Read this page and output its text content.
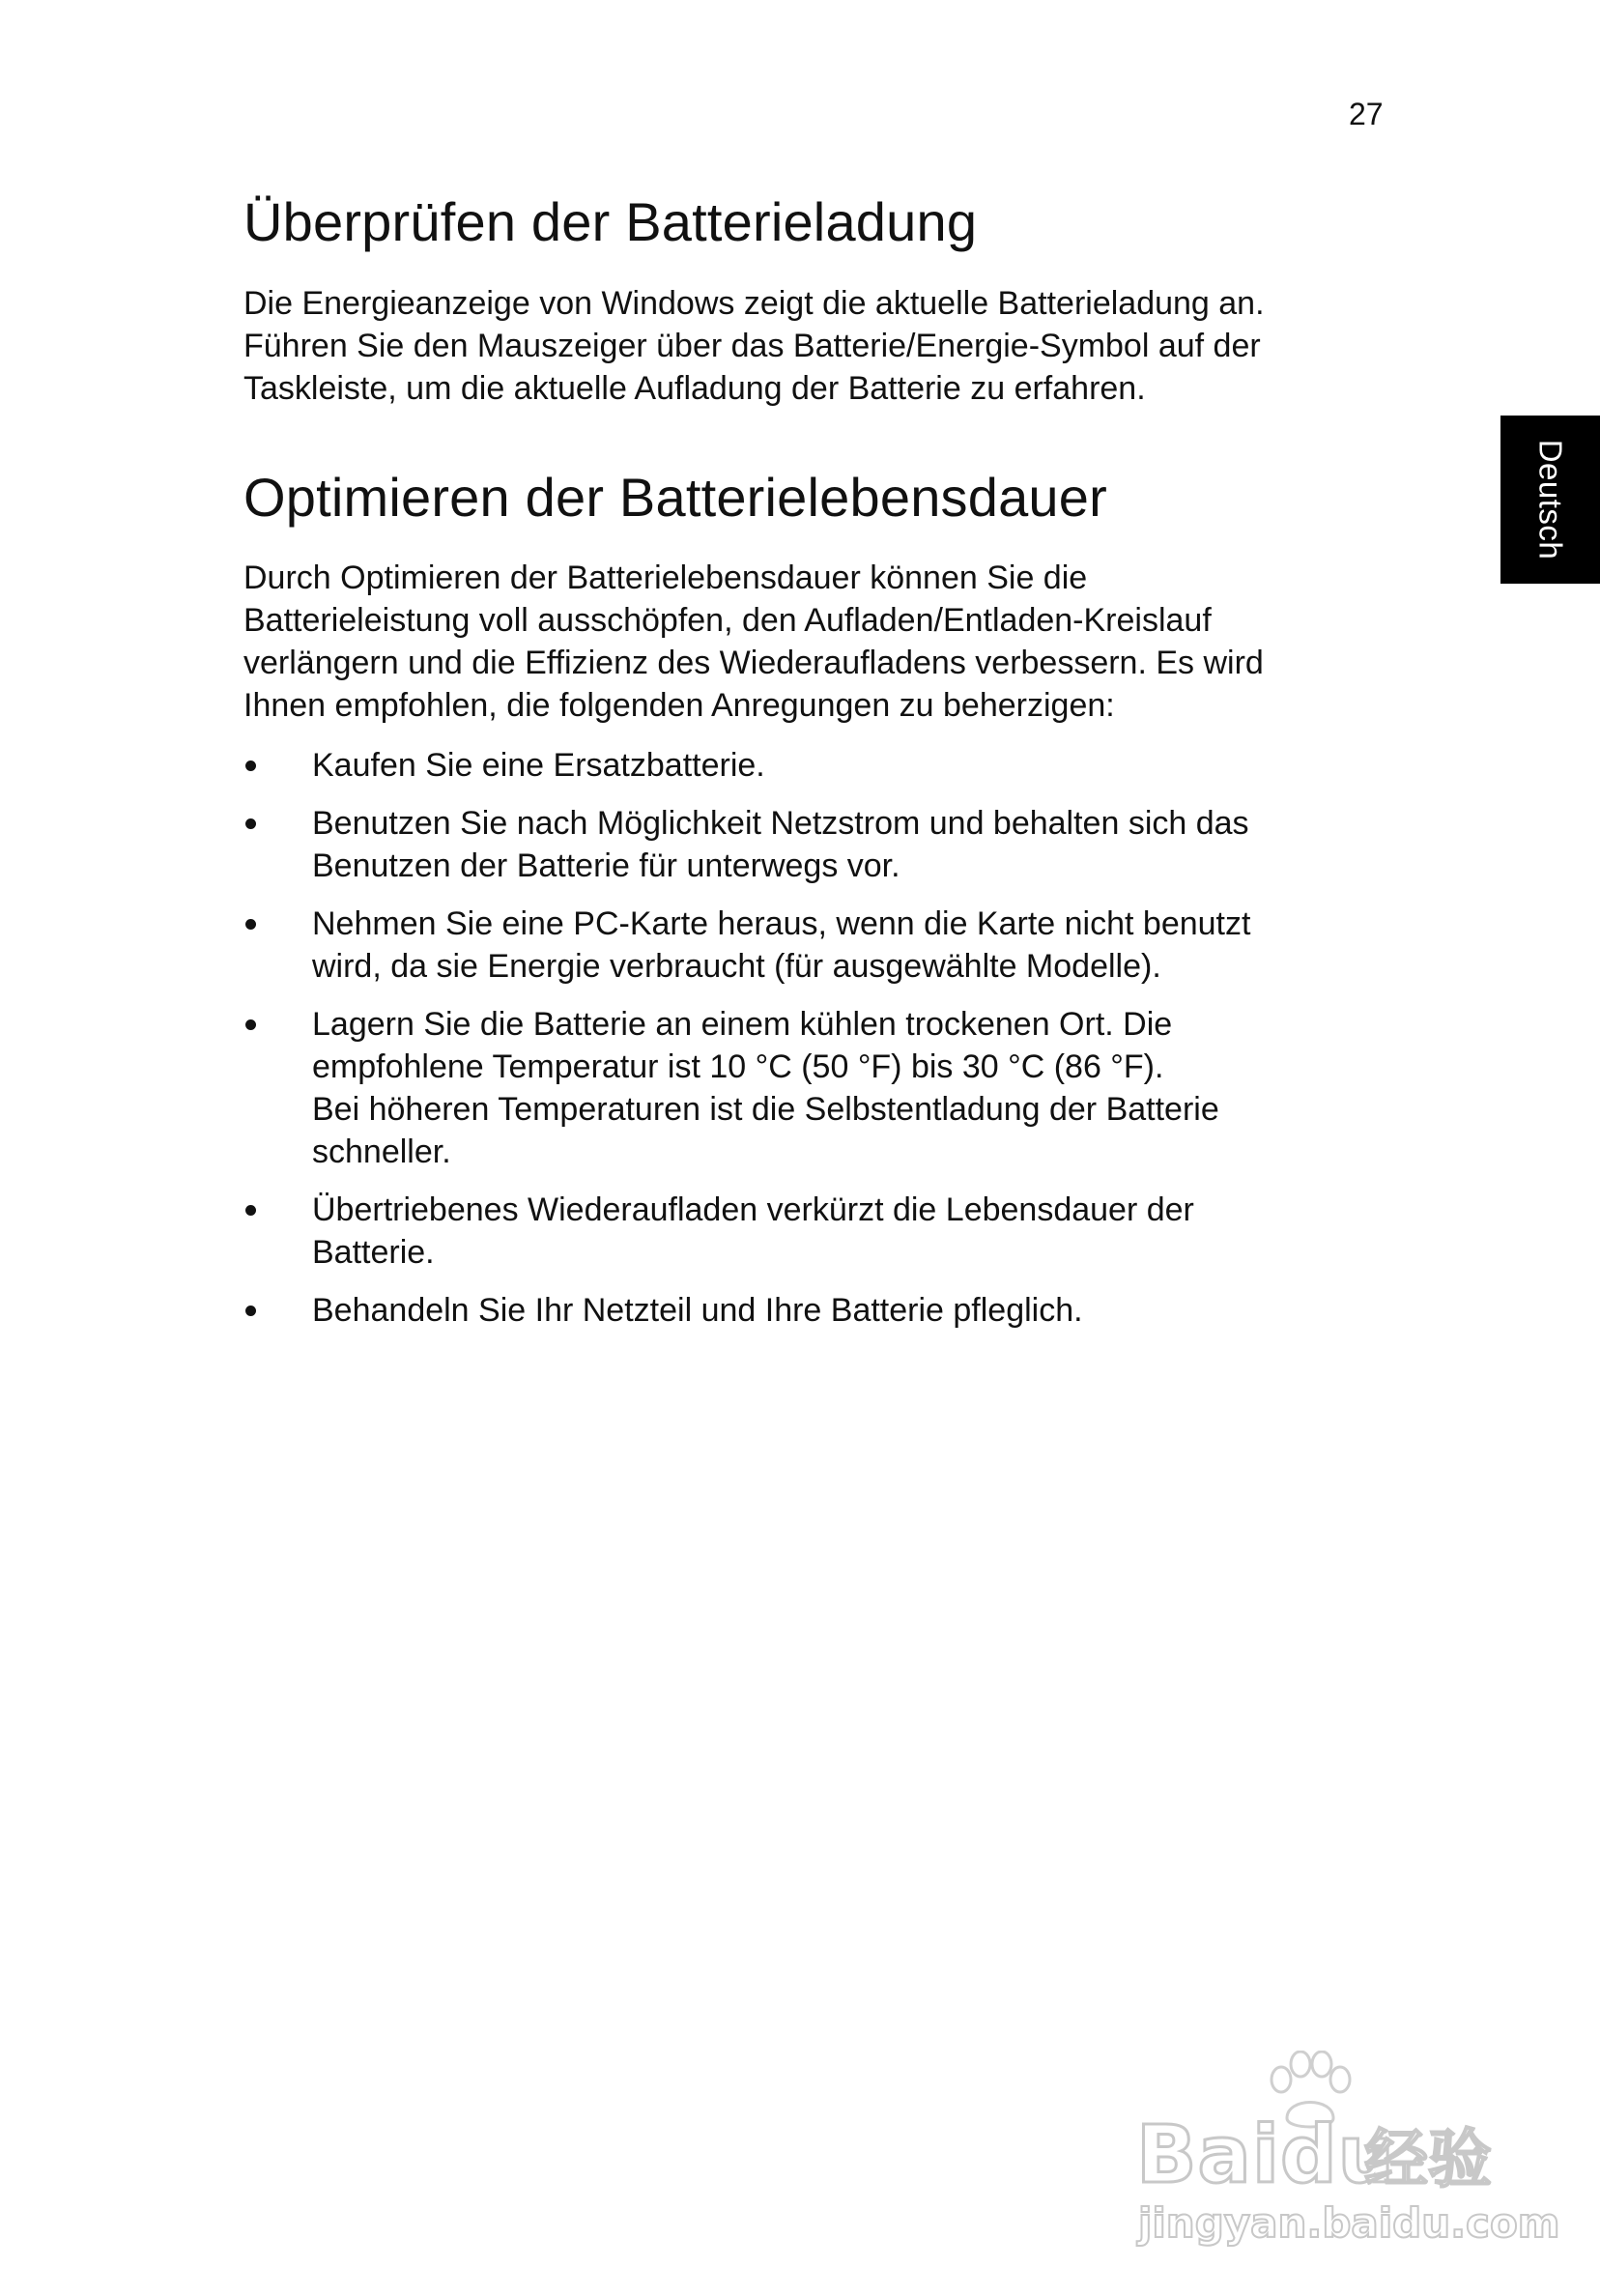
27
Deutsch
Überprüfen der Batterieladung

Die Energieanzeige von Windows zeigt die aktuelle Batterieladung an.
Führen Sie den Mauszeiger über das Batterie/Energie-Symbol auf der
Taskleiste, um die aktuelle Aufladung der Batterie zu erfahren.

Optimieren der Batterielebensdauer

Durch Optimieren der Batterielebensdauer können Sie die
Batterieleistung voll ausschöpfen, den Aufladen/Entladen-Kreislauf
verlängern und die Effizienz des Wiederaufladens verbessern. Es wird
Ihnen empfohlen, die folgenden Anregungen zu beherzigen:

Kaufen Sie eine Ersatzbatterie.
Benutzen Sie nach Möglichkeit Netzstrom und behalten sich das
Benutzen der Batterie für unterwegs vor.
Nehmen Sie eine PC-Karte heraus, wenn die Karte nicht benutzt
wird, da sie Energie verbraucht (für ausgewählte Modelle).
Lagern Sie die Batterie an einem kühlen trockenen Ort. Die
empfohlene Temperatur ist 10 °C (50 °F) bis 30 °C (86 °F).
Bei höheren Temperaturen ist die Selbstentladung der Batterie
schneller.
Übertriebenes Wiederaufladen verkürzt die Lebensdauer der
Batterie.
Behandeln Sie Ihr Netzteil und Ihre Batterie pfleglich.
Baidu
经验
jingyan.baidu.com
